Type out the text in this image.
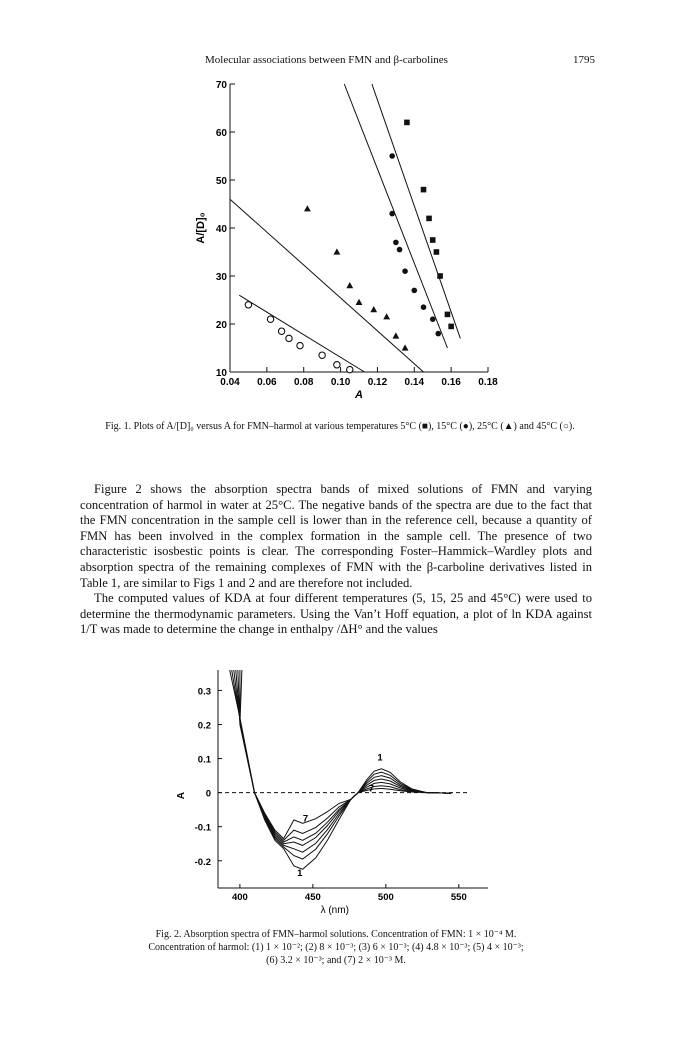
Molecular associations between FMN and β-carbolines	1795
10
20
30
40
50
60
70
0.04 0.06 0.08 0.10 0.12 0.14 0.16 0.18
A/[D]₀
A
Fig. 1. Plots of A/[D]₀ versus A for FMN–harmol at various temperatures 5°C (■), 15°C (●), 25°C (▲) and 45°C (○).

Figure 2 shows the absorption spectra bands of mixed solutions of FMN and varying concentration of harmol in water at 25°C. The negative bands of the spectra are due to the fact that the FMN concentration in the sample cell is lower than in the reference cell, because a quantity of FMN has been involved in the complex formation in the sample cell. The presence of two characteristic isosbestic points is clear. The corresponding Foster–Hammick–Wardley plots and absorption spectra of the remaining complexes of FMN with the β-carboline derivatives listed in Table 1, are similar to Figs 1 and 2 and are therefore not included.

The computed values of KDA at four different temperatures (5, 15, 25 and 45°C) were used to determine the thermodynamic parameters. Using the Van’t Hoff equation, a plot of ln KDA against 1/T was made to determine the change in enthalpy /ΔH° and the values

0.3
0.2
0.1
0
-0.1
-0.2
400	450	500	550
A
λ (nm)
1
7
7
1
Fig. 2. Absorption spectra of FMN–harmol solutions. Concentration of FMN: 1 × 10⁻⁴ M.
Concentration of harmol: (1) 1 × 10⁻²; (2) 8 × 10⁻³; (3) 6 × 10⁻³; (4) 4.8 × 10⁻³; (5) 4 × 10⁻³;
(6) 3.2 × 10⁻³; and (7) 2 × 10⁻³ M.
